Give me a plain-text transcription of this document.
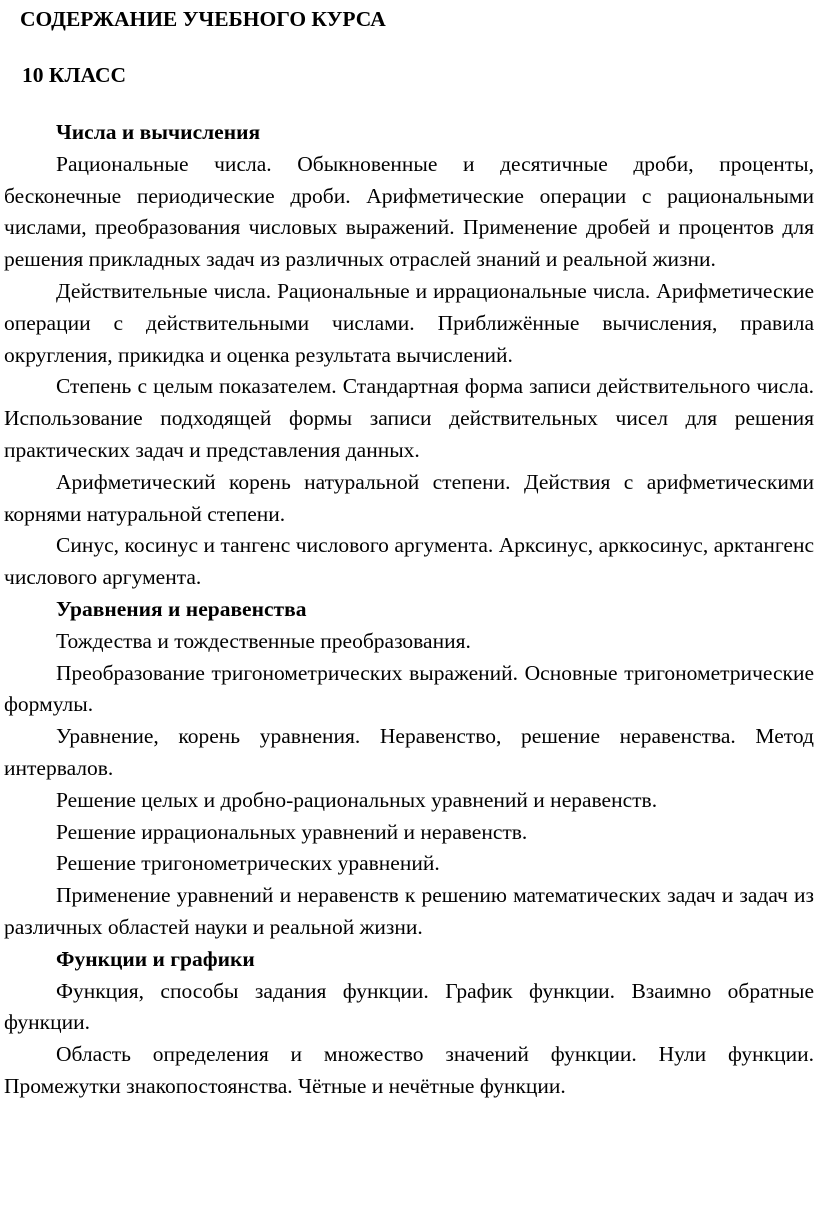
СОДЕРЖАНИЕ УЧЕБНОГО КУРСА
10 КЛАСС
Числа и вычисления

Рациональные числа. Обыкновенные и десятичные дроби, проценты, бесконечные периодические дроби. Арифметические операции с рациональными числами, преобразования числовых выражений. Применение дробей и процентов для решения прикладных задач из различных отраслей знаний и реальной жизни.

Действительные числа. Рациональные и иррациональные числа. Арифметические операции с действительными числами. Приближённые вычисления, правила округления, прикидка и оценка результата вычислений.

Степень с целым показателем. Стандартная форма записи действительного числа. Использование подходящей формы записи действительных чисел для решения практических задач и представления данных.

Арифметический корень натуральной степени. Действия с арифметическими корнями натуральной степени.

Синус, косинус и тангенс числового аргумента. Арксинус, арккосинус, арктангенс числового аргумента.

Уравнения и неравенства

Тождества и тождественные преобразования.

Преобразование тригонометрических выражений. Основные тригонометрические формулы.

Уравнение, корень уравнения. Неравенство, решение неравенства. Метод интервалов.

Решение целых и дробно-рациональных уравнений и неравенств.

Решение иррациональных уравнений и неравенств.

Решение тригонометрических уравнений.

Применение уравнений и неравенств к решению математических задач и задач из различных областей науки и реальной жизни.

Функции и графики

Функция, способы задания функции. График функции. Взаимно обратные функции.

Область определения и множество значений функции. Нули функции. Промежутки знакопостоянства. Чётные и нечётные функции.
